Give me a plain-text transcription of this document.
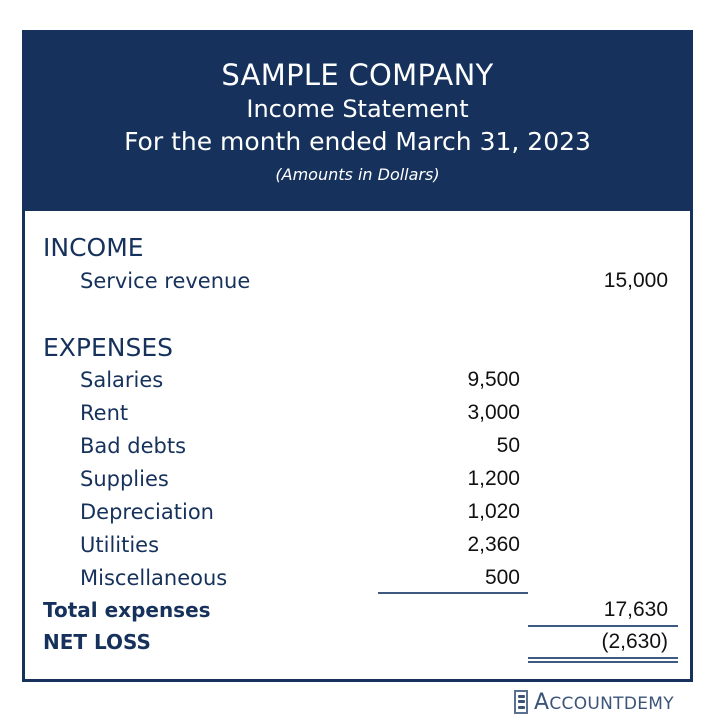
SAMPLE COMPANY
Income Statement
For the month ended March 31, 2023
(Amounts in Dollars)
INCOME
Service revenue	15,000
EXPENSES
Salaries	9,500
Rent	3,000
Bad debts	50
Supplies	1,200
Depreciation	1,020
Utilities	2,360
Miscellaneous	500
Total expenses	17,630
NET LOSS	(2,630)
ACCOUNTDEMY
